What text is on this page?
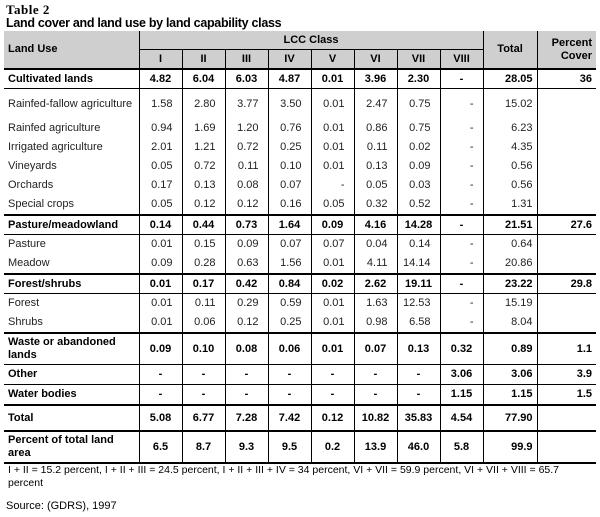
Table 2
Land cover and land use by land capability class
Land Use	LCC Class								Total	Percent Cover
	I	II	III	IV	V	VI	VII	VIII		
Cultivated lands	4.82	6.04	6.03	4.87	0.01	3.96	2.30	-	28.05	36
Rainfed-fallow agriculture	1.58	2.80	3.77	3.50	0.01	2.47	0.75	-	15.02	
Rainfed agriculture	0.94	1.69	1.20	0.76	0.01	0.86	0.75	-	6.23	
Irrigated agriculture	2.01	1.21	0.72	0.25	0.01	0.11	0.02	-	4.35	
Vineyards	0.05	0.72	0.11	0.10	0.01	0.13	0.09	-	0.56	
Orchards	0.17	0.13	0.08	0.07	-	0.05	0.03	-	0.56	
Special crops	0.05	0.12	0.12	0.16	0.05	0.32	0.52	-	1.31	
Pasture/meadowland	0.14	0.44	0.73	1.64	0.09	4.16	14.28	-	21.51	27.6
Pasture	0.01	0.15	0.09	0.07	0.07	0.04	0.14	-	0.64	
Meadow	0.09	0.28	0.63	1.56	0.01	4.11	14.14	-	20.86	
Forest/shrubs	0.01	0.17	0.42	0.84	0.02	2.62	19.11	-	23.22	29.8
Forest	0.01	0.11	0.29	0.59	0.01	1.63	12.53	-	15.19	
Shrubs	0.01	0.06	0.12	0.25	0.01	0.98	6.58	-	8.04	
Waste or abandoned lands	0.09	0.10	0.08	0.06	0.01	0.07	0.13	0.32	0.89	1.1
Other	-	-	-	-	-	-	-	3.06	3.06	3.9
Water bodies	-	-	-	-	-	-	-	1.15	1.15	1.5
Total	5.08	6.77	7.28	7.42	0.12	10.82	35.83	4.54	77.90	
Percent of total land area	6.5	8.7	9.3	9.5	0.2	13.9	46.0	5.8	99.9	
I + II = 15.2 percent, I + II + III = 24.5 percent, I + II + III + IV = 34 percent, VI + VII = 59.9 percent, VI + VII + VIII = 65.7 percent										
Source: (GDRS), 1997
